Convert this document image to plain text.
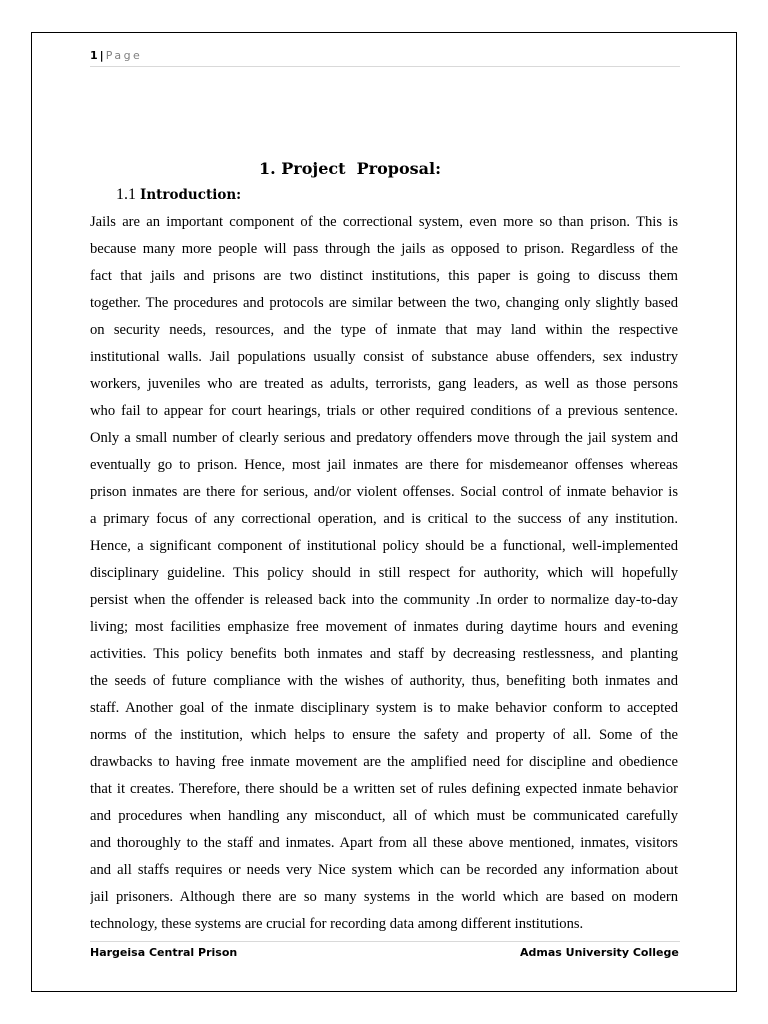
1 | Page
1. Project  Proposal:
1.1 Introduction:
Jails are an important component of the correctional system, even more so than prison. This is
because many more people will pass through the jails as opposed to prison. Regardless of the
fact that jails and prisons are two distinct institutions, this paper is going to discuss them
together. The procedures and protocols are similar between the two, changing only slightly based
on security needs, resources, and the type of inmate that may land within the respective
institutional walls. Jail populations usually consist of substance abuse offenders, sex industry
workers, juveniles who are treated as adults, terrorists, gang leaders, as well as those persons
who fail to appear for court hearings, trials or other required conditions of a previous sentence.
Only a small number of clearly serious and predatory offenders move through the jail system and
eventually go to prison. Hence, most jail inmates are there for misdemeanor offenses whereas
prison inmates are there for serious, and/or violent offenses. Social control of inmate behavior is
a primary focus of any correctional operation, and is critical to the success of any institution.
Hence, a significant component of institutional policy should be a functional, well-implemented
disciplinary guideline. This policy should in still respect for authority, which will hopefully
persist when the offender is released back into the community .In order to normalize day-to-day
living; most facilities emphasize free movement of inmates during daytime hours and evening
activities. This policy benefits both inmates and staff by decreasing restlessness, and planting
the seeds of future compliance with the wishes of authority, thus, benefiting both inmates and
staff. Another goal of the inmate disciplinary system is to make behavior conform to accepted
norms of the institution, which helps to ensure the safety and property of all. Some of the
drawbacks to having free inmate movement are the amplified need for discipline and obedience
that it creates. Therefore, there should be a written set of rules defining expected inmate behavior
and procedures when handling any misconduct, all of which must be communicated carefully
and thoroughly to the staff and inmates. Apart from all these above mentioned, inmates, visitors
and all staffs requires or needs very Nice system which can be recorded any information about
jail prisoners. Although there are so many systems in the world which are based on modern
technology, these systems are crucial for recording data among different institutions.
Hargeisa Central Prison	Admas University College
